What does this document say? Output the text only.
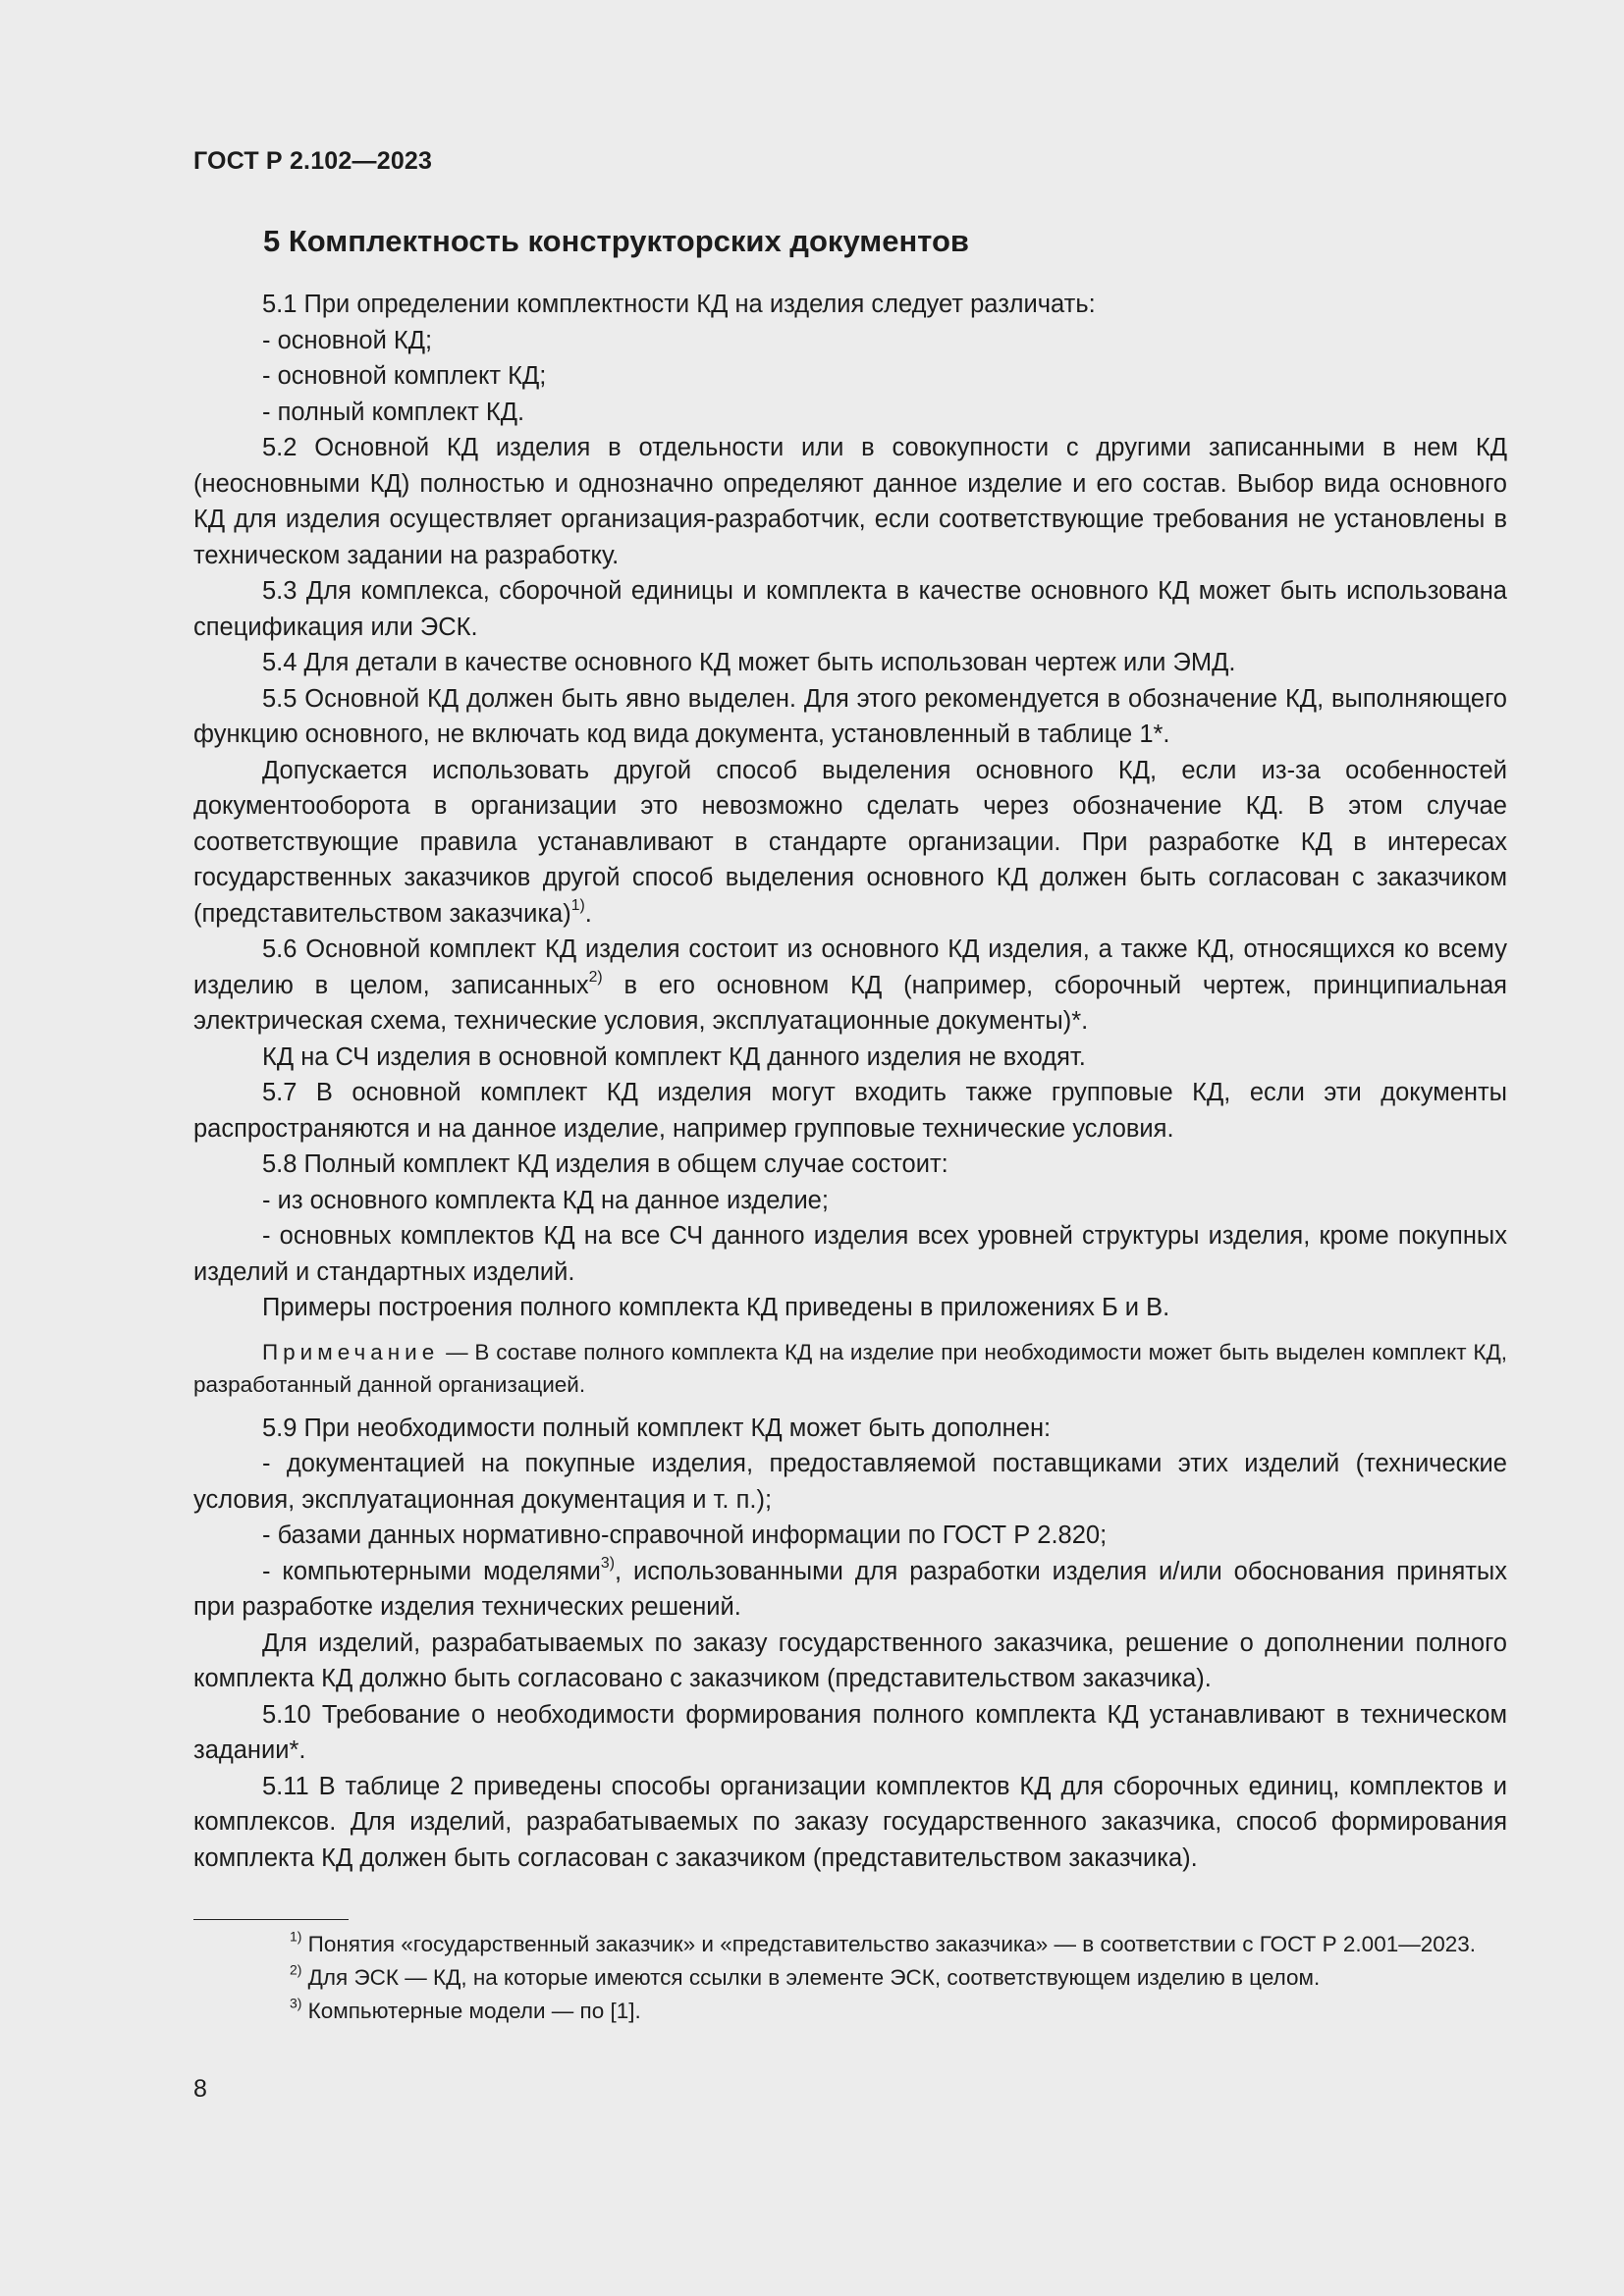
ГОСТ Р 2.102—2023
5 Комплектность конструкторских документов

5.1 При определении комплектности КД на изделия следует различать:

- основной КД;

- основной комплект КД;

- полный комплект КД.

5.2 Основной КД изделия в отдельности или в совокупности с другими записанными в нем КД (неосновными КД) полностью и однозначно определяют данное изделие и его состав. Выбор вида основного КД для изделия осуществляет организация-разработчик, если соответствующие требования не установлены в техническом задании на разработку.

5.3 Для комплекса, сборочной единицы и комплекта в качестве основного КД может быть использована спецификация или ЭСК.

5.4 Для детали в качестве основного КД может быть использован чертеж или ЭМД.

5.5 Основной КД должен быть явно выделен. Для этого рекомендуется в обозначение КД, выполняющего функцию основного, не включать код вида документа, установленный в таблице 1*.

Допускается использовать другой способ выделения основного КД, если из-за особенностей документооборота в организации это невозможно сделать через обозначение КД. В этом случае соответствующие правила устанавливают в стандарте организации. При разработке КД в интересах государственных заказчиков другой способ выделения основного КД должен быть согласован с заказчиком (представительством заказчика)$^{1)}$.

5.6 Основной комплект КД изделия состоит из основного КД изделия, а также КД, относящихся ко всему изделию в целом, записанных$^{2)}$ в его основном КД (например, сборочный чертеж, принципиальная электрическая схема, технические условия, эксплуатационные документы)*.

КД на СЧ изделия в основной комплект КД данного изделия не входят.

5.7 В основной комплект КД изделия могут входить также групповые КД, если эти документы распространяются и на данное изделие, например групповые технические условия.

5.8 Полный комплект КД изделия в общем случае состоит:

- из основного комплекта КД на данное изделие;

- основных комплектов КД на все СЧ данного изделия всех уровней структуры изделия, кроме покупных изделий и стандартных изделий.

Примеры построения полного комплекта КД приведены в приложениях Б и В.

Примечание — В составе полного комплекта КД на изделие при необходимости может быть выделен комплект КД, разработанный данной организацией.

5.9 При необходимости полный комплект КД может быть дополнен:

- документацией на покупные изделия, предоставляемой поставщиками этих изделий (технические условия, эксплуатационная документация и т. п.);

- базами данных нормативно-справочной информации по ГОСТ Р 2.820;

- компьютерными моделями$^{3)}$, использованными для разработки изделия и/или обоснования принятых при разработке изделия технических решений.

Для изделий, разрабатываемых по заказу государственного заказчика, решение о дополнении полного комплекта КД должно быть согласовано с заказчиком (представительством заказчика).

5.10 Требование о необходимости формирования полного комплекта КД устанавливают в техническом задании*.

5.11 В таблице 2 приведены способы организации комплектов КД для сборочных единиц, комплектов и комплексов. Для изделий, разрабатываемых по заказу государственного заказчика, способ формирования комплекта КД должен быть согласован с заказчиком (представительством заказчика).

$^{1)}$ Понятия «государственный заказчик» и «представительство заказчика» — в соответствии с ГОСТ Р 2.001—2023.

$^{2)}$ Для ЭСК — КД, на которые имеются ссылки в элементе ЭСК, соответствующем изделию в целом.

$^{3)}$ Компьютерные модели — по [1].

8
